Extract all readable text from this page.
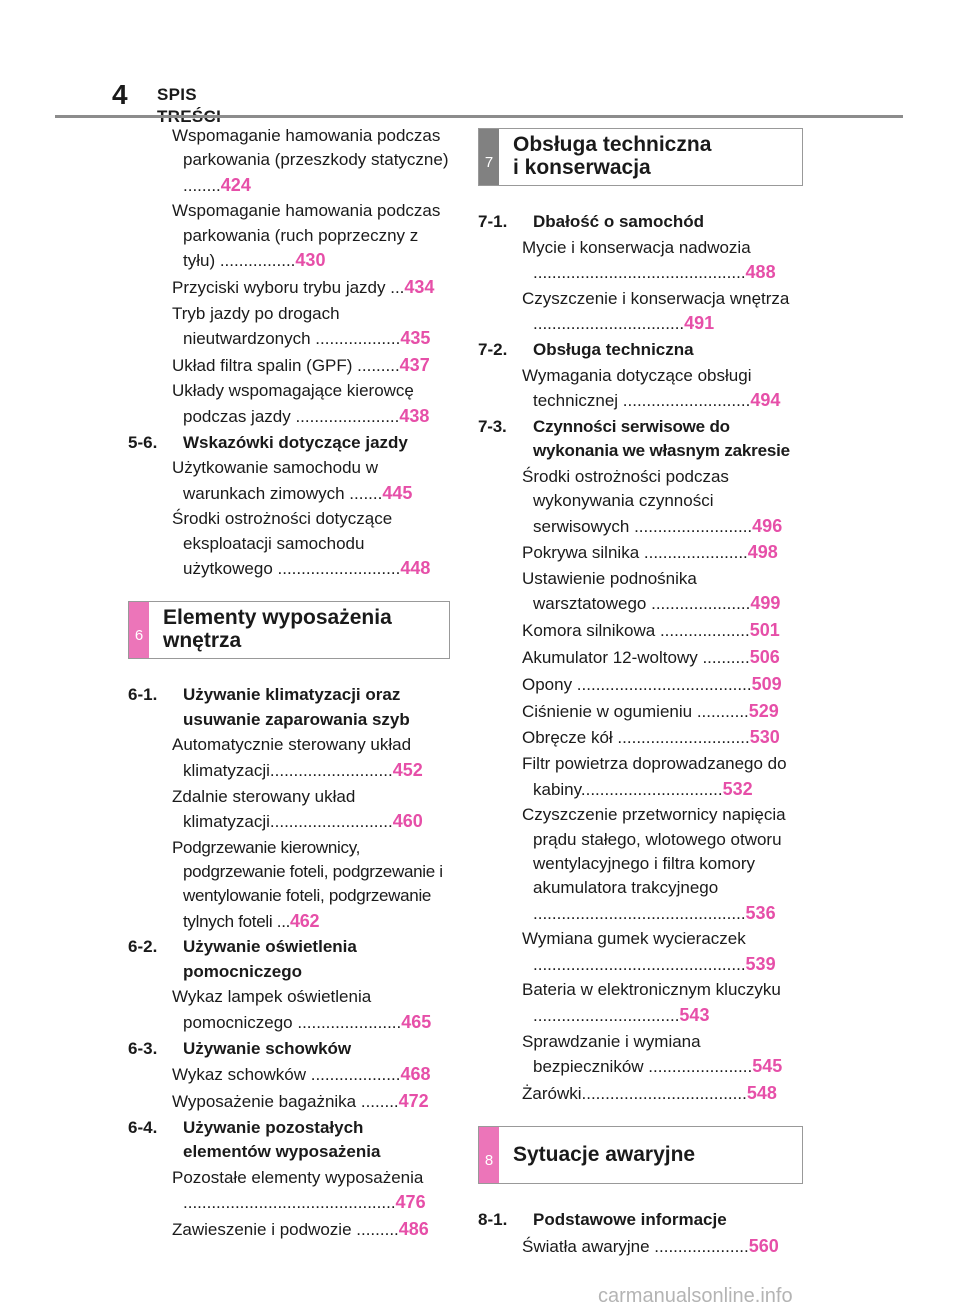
4 SPIS
Wspomaganie hamowania podczas parkowania (przeszkody statyczne) ........424
Wspomaganie hamowania podczas parkowania (ruch poprzeczny z tyłu) ................430
Przyciski wyboru trybu jazdy ...434
Tryb jazdy po drogach nieutwardzonych ..................435
Układ filtra spalin (GPF) .........437
Układy wspomagające kierowcę podczas jazdy ......................438
5-6.	Wskazówki dotyczące jazdy
Użytkowanie samochodu w warunkach zimowych .......445
Środki ostrożności dotyczące eksploatacji samochodu użytkowego ..........................448
6
Elementy wyposażenia
wnętrza
6-1.	Używanie klimatyzacji oraz usuwanie zaparowania szyb
Automatycznie sterowany układ klimatyzacji..........................452
Zdalnie sterowany układ klimatyzacji..........................460
Podgrzewanie kierownicy, podgrzewanie foteli, podgrzewanie i wentylowanie foteli, podgrzewanie tylnych foteli ...462
6-2.	Używanie oświetlenia pomocniczego
Wykaz lampek oświetlenia pomocniczego ......................465
6-3.	Używanie schowków
Wykaz schowków ...................468
Wyposażenie bagażnika ........472
6-4.	Używanie pozostałych elementów wyposażenia
Pozostałe elementy wyposażenia .............................................476
Zawieszenie i podwozie .........486
7
Obsługa techniczna
i konserwacja
7-1.	Dbałość o samochód
Mycie i konserwacja nadwozia .............................................488
Czyszczenie i konserwacja wnętrza ................................491
7-2.	Obsługa techniczna
Wymagania dotyczące obsługi technicznej ...........................494
7-3.	Czynności serwisowe do wykonania we własnym zakresie
Środki ostrożności podczas wykonywania czynności serwisowych .........................496
Pokrywa silnika ......................498
Ustawienie podnośnika warsztatowego .....................499
Komora silnikowa ...................501
Akumulator 12-woltowy ..........506
Opony .....................................509
Ciśnienie w ogumieniu ...........529
Obręcze kół ............................530
Filtr powietrza doprowadzanego do kabiny..............................532
Czyszczenie przetwornicy napięcia prądu stałego, wlotowego otworu wentylacyjnego i filtra komory akumulatora trakcyjnego .............................................536
Wymiana gumek wycieraczek .............................................539
Bateria w elektronicznym kluczyku ...............................543
Sprawdzanie i wymiana bezpieczników ......................545
Żarówki...................................548
8 Sytuacje awaryjne
8-1.	Podstawowe informacje
Światła awaryjne ....................560
carmanualsonline.info
